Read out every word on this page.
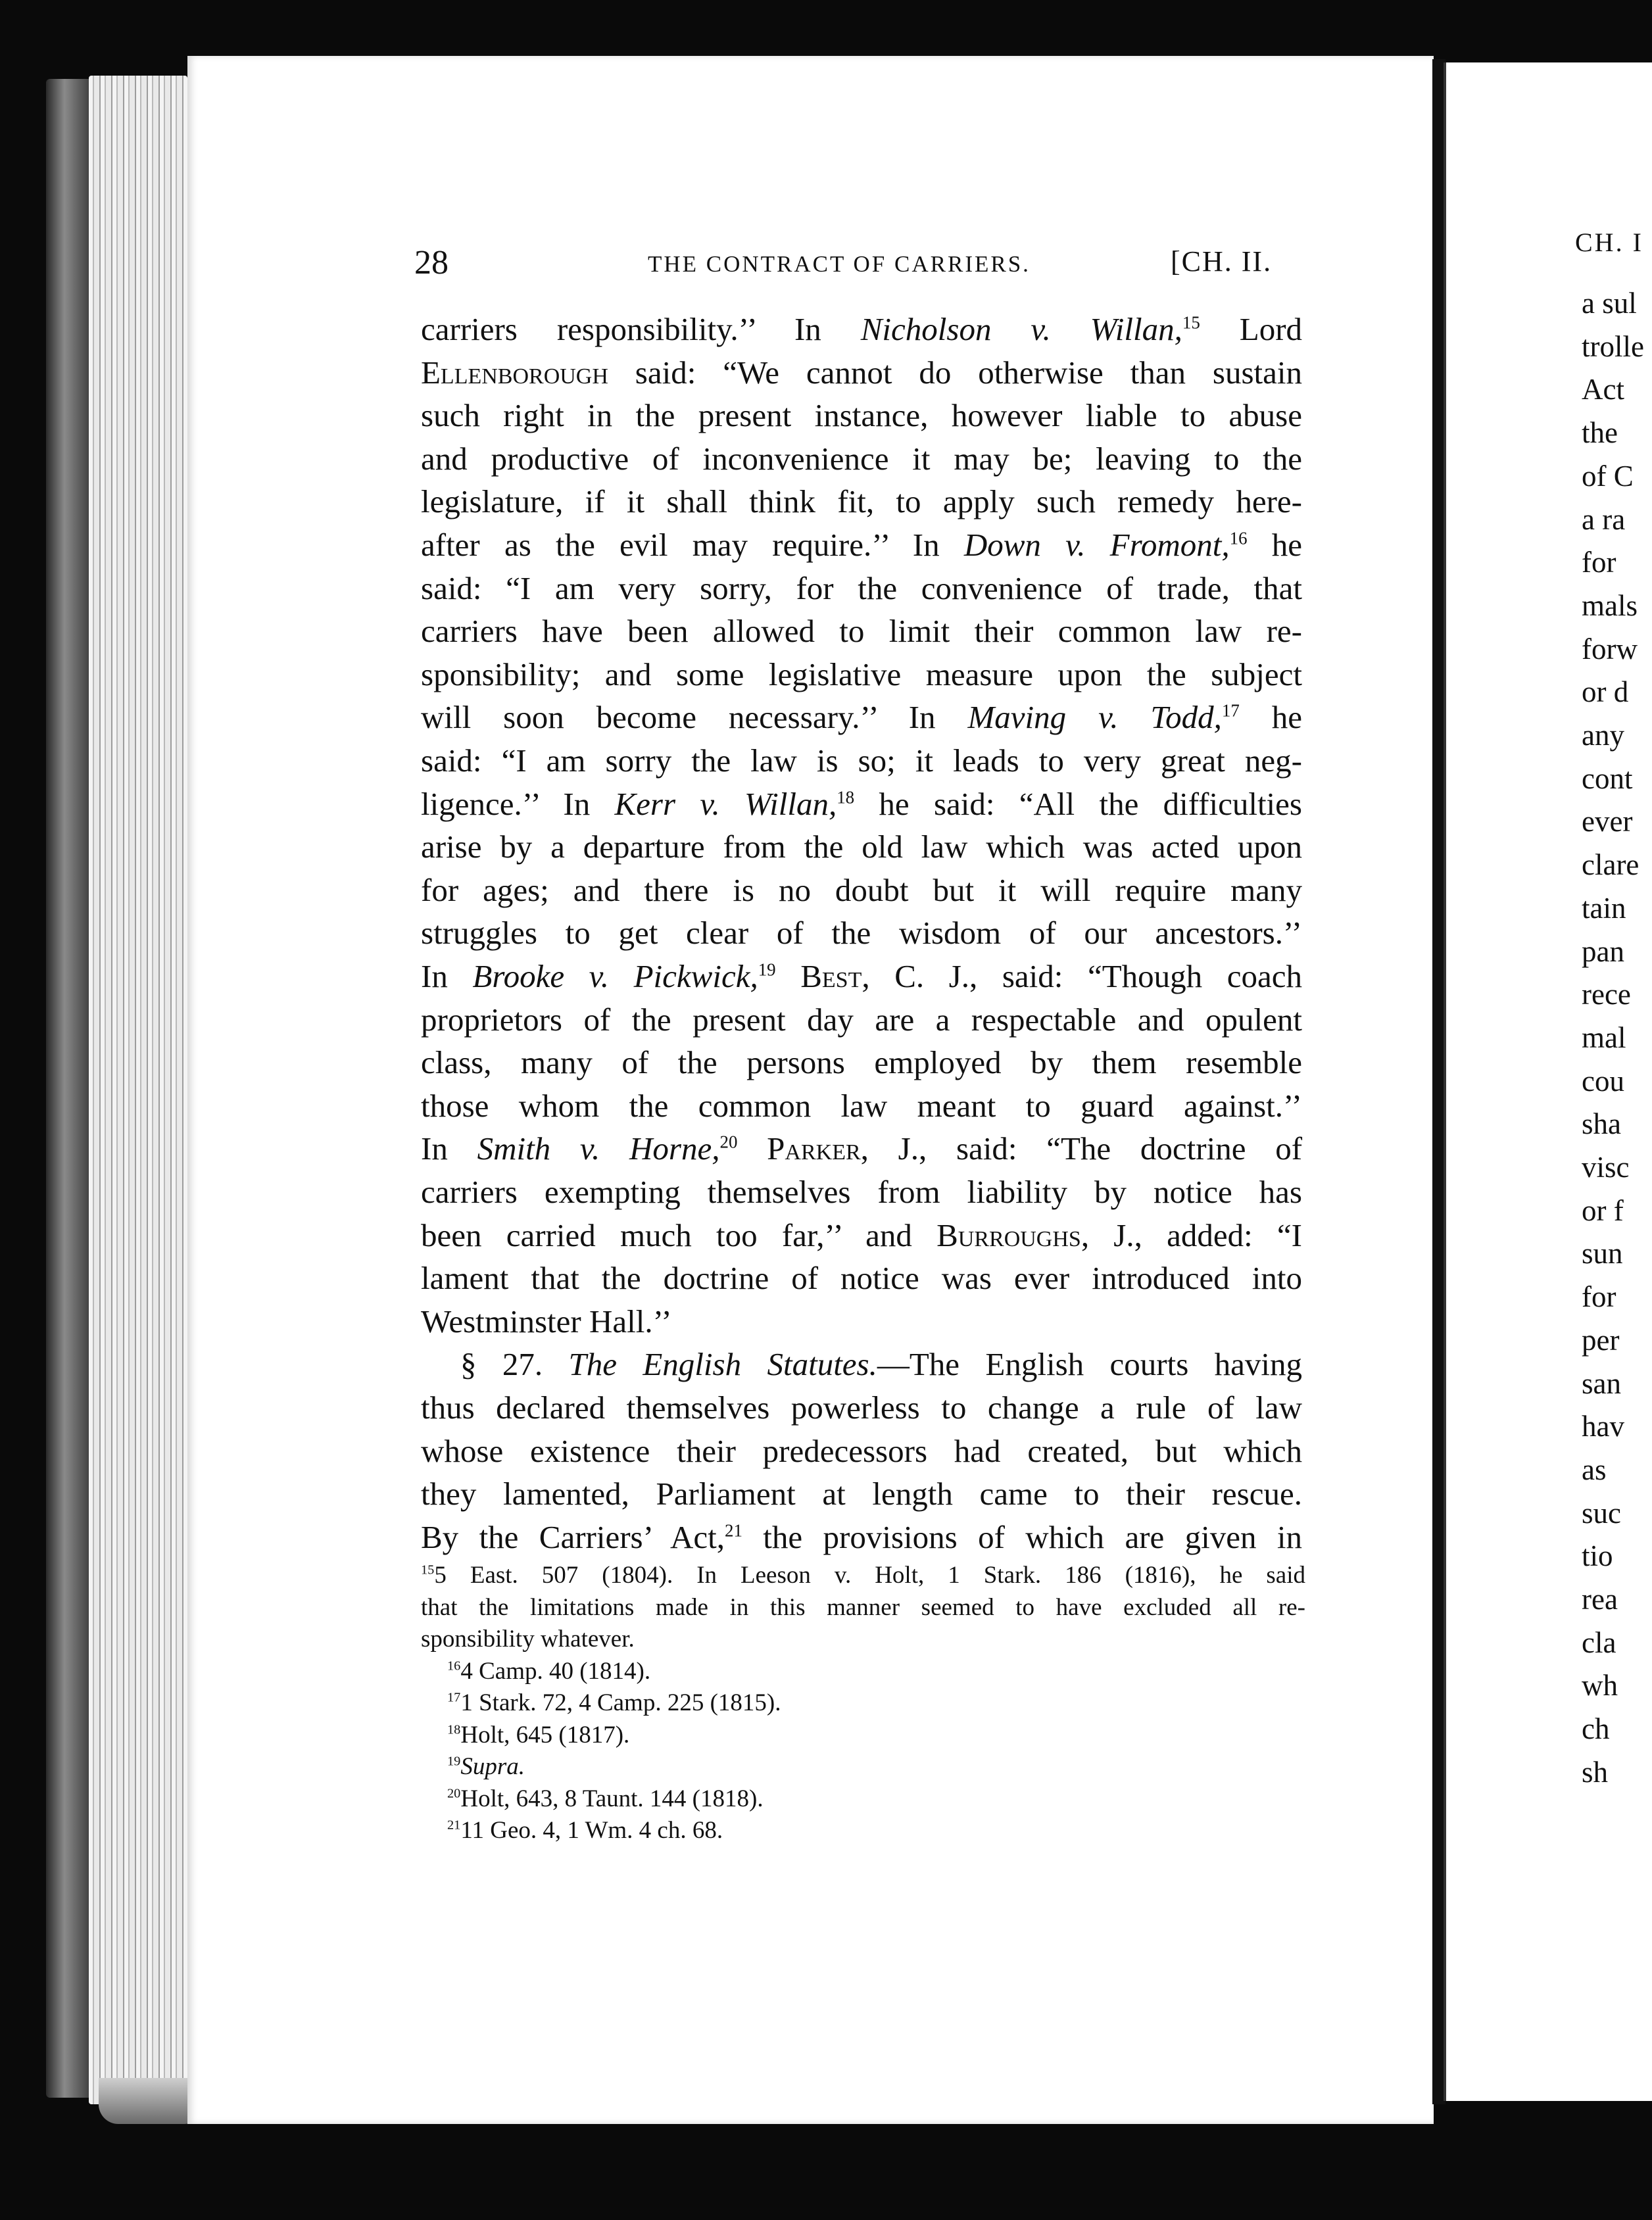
28	THE CONTRACT OF CARRIERS.	[CH. II.
carriers responsibility.’’ In Nicholson v. Willan,$^{15}$ Lord
Ellenborough said: “We cannot do otherwise than sustain
such right in the present instance, however liable to abuse
and productive of inconvenience it may be; leaving to the
legislature, if it shall think fit, to apply such remedy here-
after as the evil may require.’’ In Down v. Fromont,$^{16}$ he
said: “I am very sorry, for the convenience of trade, that
carriers have been allowed to limit their common law re-
sponsibility; and some legislative measure upon the subject
will soon become necessary.’’ In Maving v. Todd,$^{17}$ he
said: “I am sorry the law is so; it leads to very great neg-
ligence.’’ In Kerr v. Willan,$^{18}$ he said: “All the difficulties
arise by a departure from the old law which was acted upon
for ages; and there is no doubt but it will require many
struggles to get clear of the wisdom of our ancestors.’’
In Brooke v. Pickwick,$^{19}$ Best, C. J., said: “Though coach
proprietors of the present day are a respectable and opulent
class, many of the persons employed by them resemble
those whom the common law meant to guard against.’’
In Smith v. Horne,$^{20}$ Parker, J., said: “The doctrine of
carriers exempting themselves from liability by notice has
been carried much too far,’’ and Burroughs, J., added: “I
lament that the doctrine of notice was ever introduced into
Westminster Hall.’’
§ 27. The English Statutes.—The English courts having
thus declared themselves powerless to change a rule of law
whose existence their predecessors had created, but which
they lamented, Parliament at length came to their rescue.
By the Carriers’ Act,$^{21}$ the provisions of which are given in
$^{15}$5 East. 507 (1804). In Leeson v. Holt, 1 Stark. 186 (1816), he said
that the limitations made in this manner seemed to have excluded all re-
sponsibility whatever.
$^{16}$4 Camp. 40 (1814).
$^{17}$1 Stark. 72, 4 Camp. 225 (1815).
$^{18}$Holt, 645 (1817).
$^{19}$Supra.
$^{20}$Holt, 643, 8 Taunt. 144 (1818).
$^{21}$11 Geo. 4, 1 Wm. 4 ch. 68.
CH. I
a sul
trolle
Act
the
of C
a ra
for
mals
forw
or d
any
cont
ever
clare
tain
pan
rece
mal
cou
sha
visc
or f
sun
for
per
san
hav
as
suc
tio
rea
cla
wh
ch
sh
